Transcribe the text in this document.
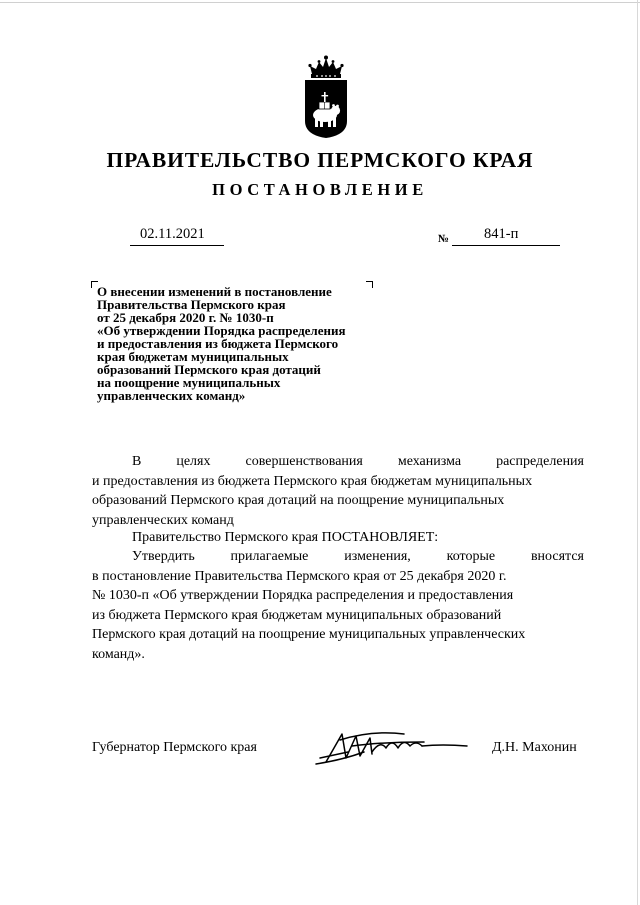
ПРАВИТЕЛЬСТВО ПЕРМСКОГО КРАЯ
ПОСТАНОВЛЕНИЕ
02.11.2021	№ 841-п
О внесении изменений в постановление
Правительства Пермского края
от 25 декабря 2020 г. № 1030-п
«Об утверждении Порядка распределения
и предоставления из бюджета Пермского
края бюджетам муниципальных
образований Пермского края дотаций
на поощрение муниципальных
управленческих команд»
В целях совершенствования механизма распределения
и предоставления из бюджета Пермского края бюджетам муниципальных
образований Пермского края дотаций на поощрение муниципальных
управленческих команд
Правительство Пермского края ПОСТАНОВЛЯЕТ:
Утвердить прилагаемые изменения, которые вносятся
в постановление Правительства Пермского края от 25 декабря 2020 г.
№ 1030-п «Об утверждении Порядка распределения и предоставления
из бюджета Пермского края бюджетам муниципальных образований
Пермского края дотаций на поощрение муниципальных управленческих
команд».
Губернатор Пермского края	Д.Н. Махонин
